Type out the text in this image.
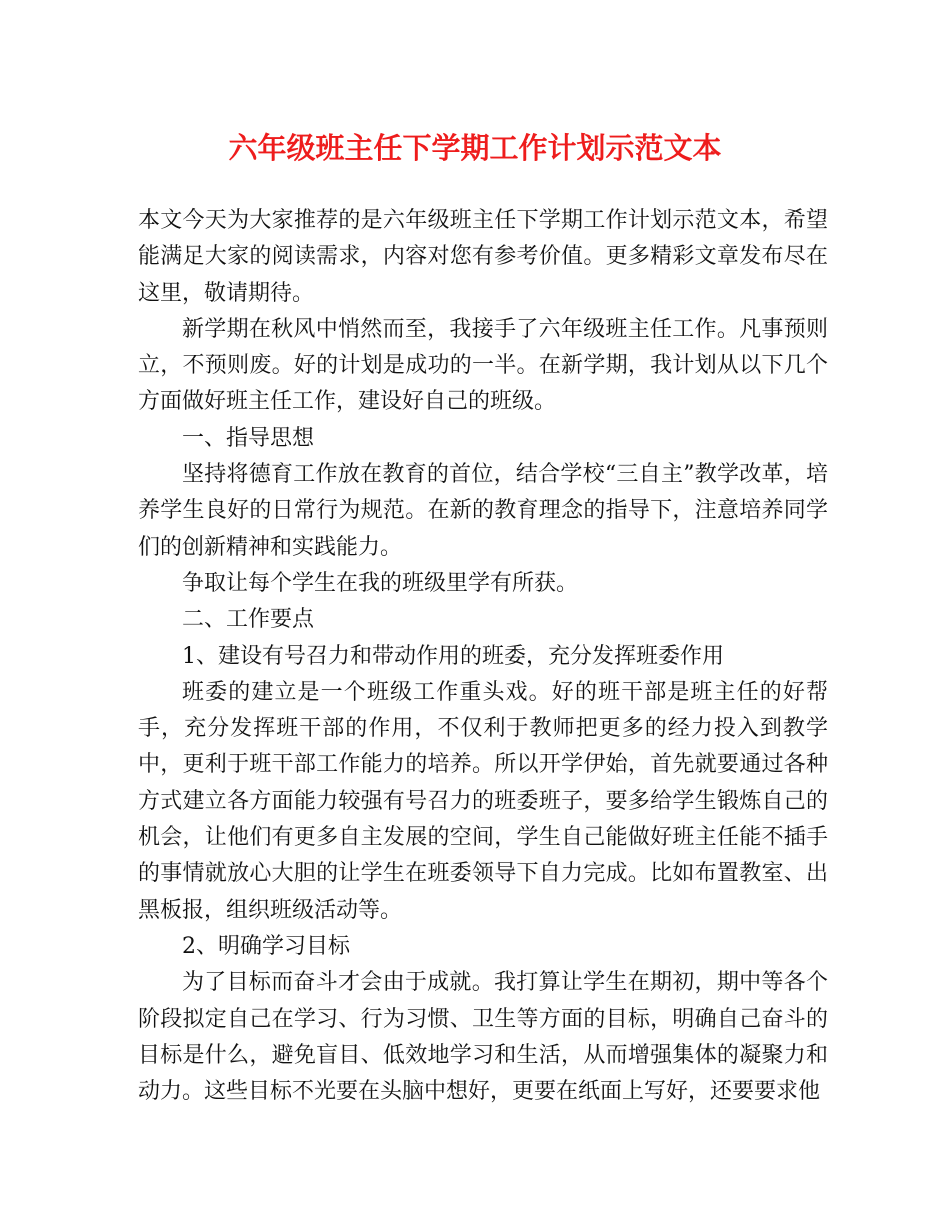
六年级班主任下学期工作计划示范文本

本文今天为大家推荐的是六年级班主任下学期工作计划示范文本，希望能满足大家的阅读需求，内容对您有参考价值。更多精彩文章发布尽在这里，敬请期待。

新学期在秋风中悄然而至，我接手了六年级班主任工作。凡事预则立，不预则废。好的计划是成功的一半。在新学期，我计划从以下几个方面做好班主任工作，建设好自己的班级。

一、指导思想

坚持将德育工作放在教育的首位，结合学校“三自主”教学改革，培养学生良好的日常行为规范。在新的教育理念的指导下，注意培养同学们的创新精神和实践能力。

争取让每个学生在我的班级里学有所获。

二、工作要点

1、建设有号召力和带动作用的班委，充分发挥班委作用

班委的建立是一个班级工作重头戏。好的班干部是班主任的好帮手，充分发挥班干部的作用，不仅利于教师把更多的经力投入到教学中，更利于班干部工作能力的培养。所以开学伊始，首先就要通过各种方式建立各方面能力较强有号召力的班委班子，要多给学生锻炼自己的机会，让他们有更多自主发展的空间，学生自己能做好班主任能不插手的事情就放心大胆的让学生在班委领导下自力完成。比如布置教室、出黑板报，组织班级活动等。

2、明确学习目标

为了目标而奋斗才会由于成就。我打算让学生在期初，期中等各个阶段拟定自己在学习、行为习惯、卫生等方面的目标，明确自己奋斗的目标是什么，避免盲目、低效地学习和生活，从而增强集体的凝聚力和动力。这些目标不光要在头脑中想好，更要在纸面上写好，还要要求他
